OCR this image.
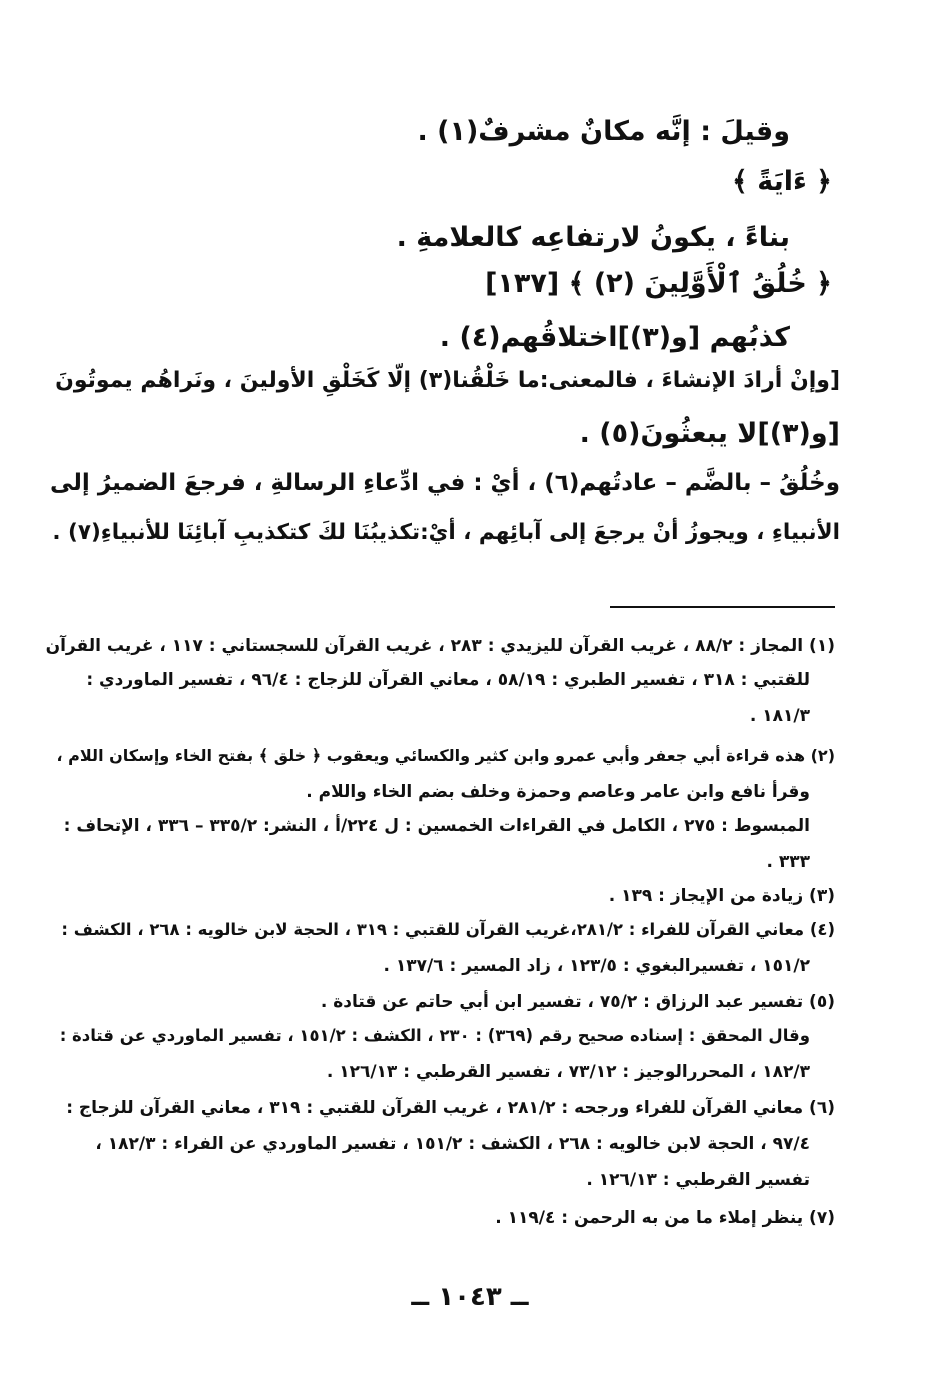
وقيلَ : إنَّه مكانٌ مشرفٌ(١) .
﴿ ءَايَةً ﴾
بناءً ، يكونُ لارتفاعِه كالعلامةِ .
﴿ خُلُقُ ٱلْأَوَّلِينَ (٢) ﴾ [١٣٧]
كذبُهم [و(٣)]اختلاقُهم(٤) .
[وإنْ أرادَ الإنشاءَ ، فالمعنى:ما خَلْقُنا(٣) إلّا كَخَلْقِ الأولينَ ، ونَراهُم يموتُونَ
[و(٣)]لا يبعثُونَ(٥) .
وخُلُقُ – بالضَّم – عادتُهم(٦) ، أيْ : في ادِّعاءِ الرسالةِ ، فرجعَ الضميرُ إلى
الأنبياءِ ، ويجوزُ أنْ يرجعَ إلى آبائِهم ، أيْ:تكذيبُنَا لكَ كتكذيبِ آبائِنَا للأنبياءِ(٧) .
(١) المجاز : ٨٨/٢ ، غريب القرآن لليزيدي : ٢٨٣ ، غريب القرآن للسجستاني : ١١٧ ، غريب القرآن
للقتبي : ٣١٨ ، تفسير الطبري : ٥٨/١٩ ، معاني القرآن للزجاج : ٩٦/٤ ، تفسير الماوردي :
١٨١/٣ .
(٢) هذه قراءة أبي جعفر وأبي عمرو وابن كثير والكسائي ويعقوب ﴿ خلق ﴾ بفتح الخاء وإسكان اللام ،
وقرأ نافع وابن عامر وعاصم وحمزة وخلف بضم الخاء واللام .
المبسوط : ٢٧٥ ، الكامل في القراءات الخمسين : ل ٢٢٤/أ ، النشر: ٣٣٥/٢ – ٣٣٦ ، الإتحاف :
٣٣٣ .
(٣) زيادة من الإيجاز : ١٣٩ .
(٤) معاني القرآن للفراء : ٢٨١/٢،غريب القرآن للقتبي : ٣١٩ ، الحجة لابن خالويه : ٢٦٨ ، الكشف :
١٥١/٢ ، تفسيرالبغوي : ١٢٣/٥ ، زاد المسير : ١٣٧/٦ .
(٥) تفسير عبد الرزاق : ٧٥/٢ ، تفسير ابن أبي حاتم عن قتادة .
وقال المحقق : إسناده صحيح رقم (٣٦٩) : ٢٣٠ ، الكشف : ١٥١/٢ ، تفسير الماوردي عن قتادة :
١٨٢/٣ ، المحررالوجيز : ٧٣/١٢ ، تفسير القرطبي : ١٢٦/١٣ .
(٦) معاني القرآن للفراء ورجحه : ٢٨١/٢ ، غريب القرآن للقتبي : ٣١٩ ، معاني القرآن للزجاج :
٩٧/٤ ، الحجة لابن خالويه : ٢٦٨ ، الكشف : ١٥١/٢ ، تفسير الماوردي عن الفراء : ١٨٢/٣ ،
تفسير القرطبي : ١٢٦/١٣ .
(٧) ينظر إملاء ما من به الرحمن : ١١٩/٤ .
ــ ١٠٤٣ ــ
